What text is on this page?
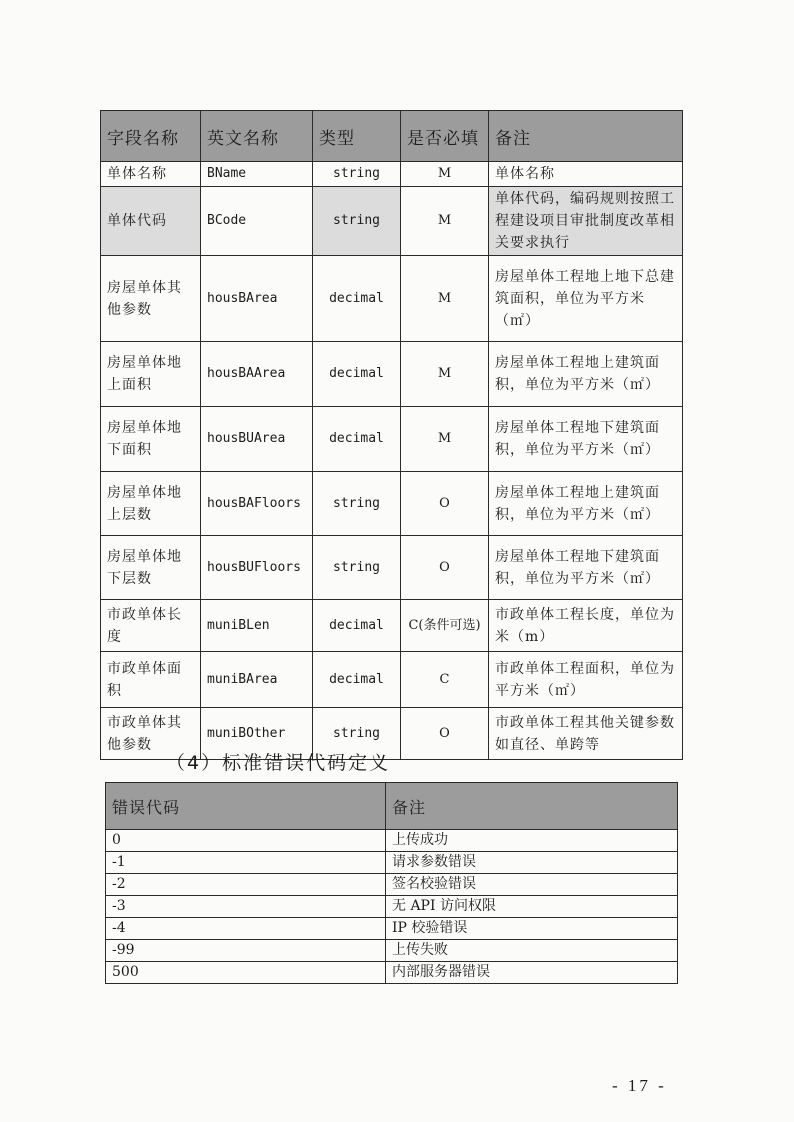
字段名称	英文名称	类型	是否必填	备注
单体名称	BName	string	M	单体名称
单体代码	BCode	string	M	单体代码，编码规则按照工程建设项目审批制度改革相关要求执行
房屋单体其他参数	housBArea	decimal	M	房屋单体工程地上地下总建筑面积，单位为平方米（㎡）
房屋单体地上面积	housBAArea	decimal	M	房屋单体工程地上建筑面积，单位为平方米（㎡）
房屋单体地下面积	housBUArea	decimal	M	房屋单体工程地下建筑面积，单位为平方米（㎡）
房屋单体地上层数	housBAFloors	string	O	房屋单体工程地上建筑面积，单位为平方米（㎡）
房屋单体地下层数	housBUFloors	string	O	房屋单体工程地下建筑面积，单位为平方米（㎡）
市政单体长度	muniBLen	decimal	C(条件可选)	市政单体工程长度，单位为米（m）
市政单体面积	muniBArea	decimal	C	市政单体工程面积，单位为平方米（㎡）
市政单体其他参数	muniBOther	string	O	市政单体工程其他关键参数如直径、单跨等
（4）标准错误代码定义
错误代码	备注
0	上传成功
-1	请求参数错误
-2	签名校验错误
-3	无 API 访问权限
-4	IP 校验错误
-99	上传失败
500	内部服务器错误
- 17 -
